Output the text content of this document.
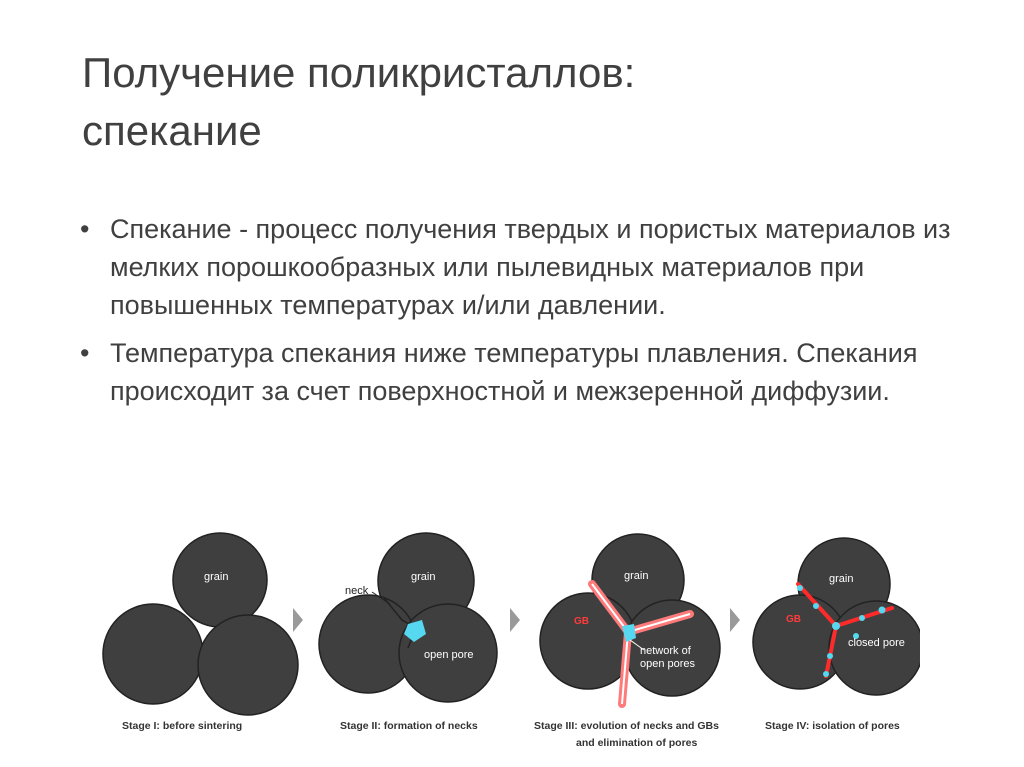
Получение поликристаллов:
спекание
• Спекание - процесс получения твердых и пористых материалов из мелких порошкообразных или пылевидных материалов при повышенных температурах и/или давлении.
• Температура спекания ниже температуры плавления. Спекания происходит за счет поверхностной и межзеренной диффузии.
grain
Stage I: before sintering
neck
grain
open pore
Stage II: formation of necks
GB
grain
network of
open pores
Stage III: evolution of necks and GBs
and elimination of pores
GB
grain
closed pore
Stage IV: isolation of pores
